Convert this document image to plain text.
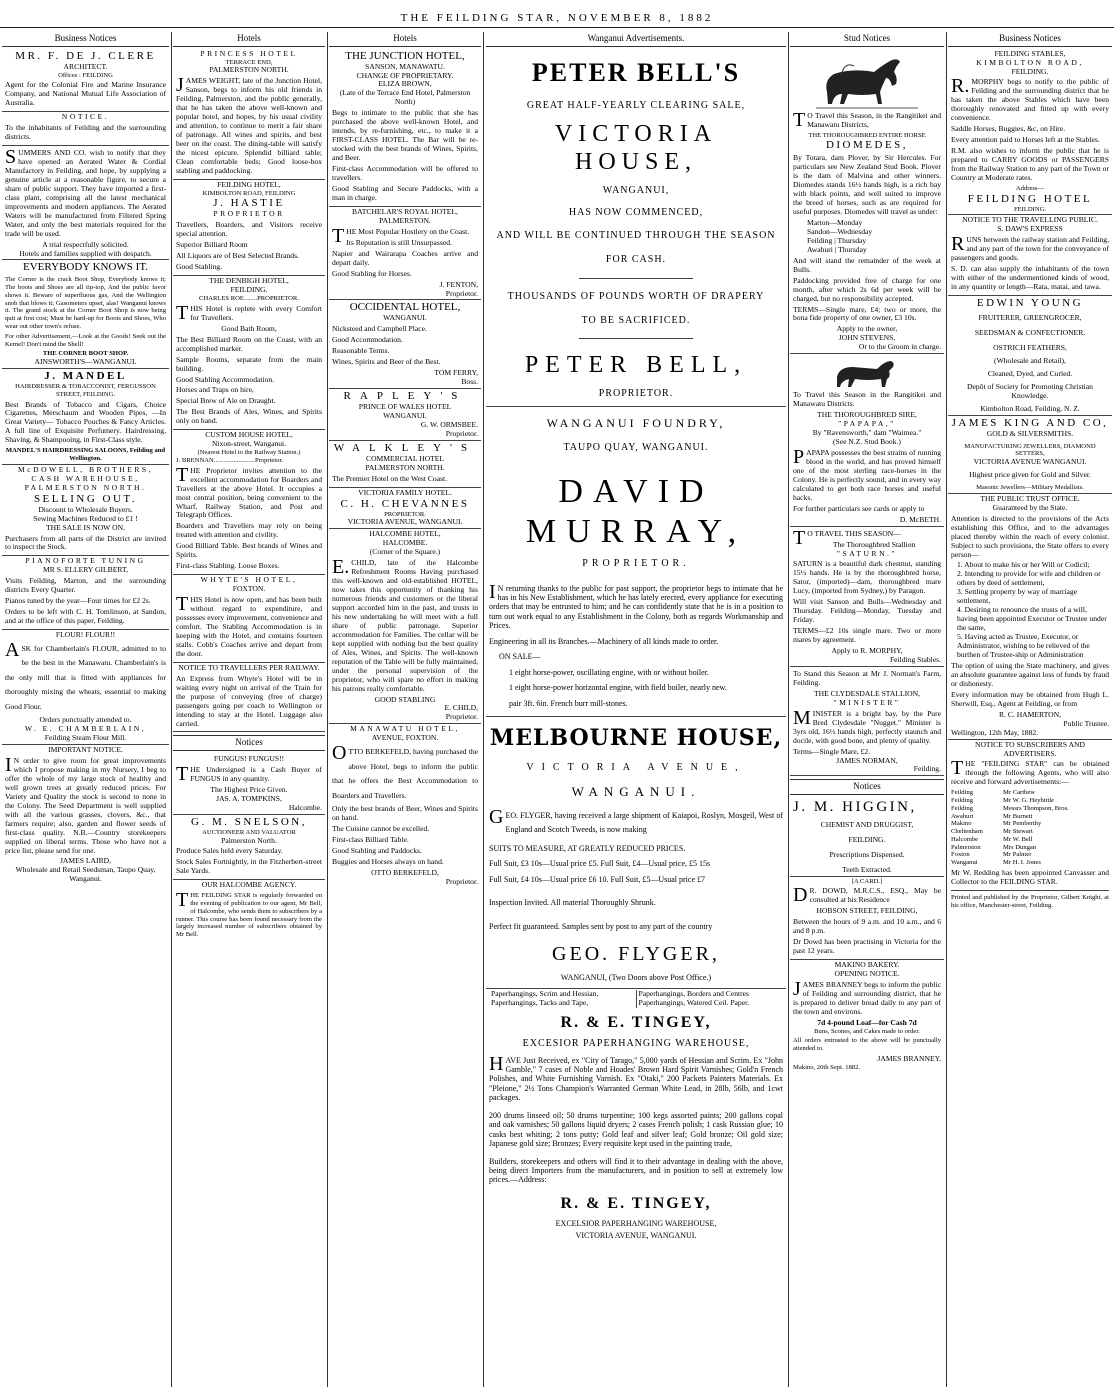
THE FEILDING STAR, NOVEMBER 8, 1882
Business Notices
MR. F. DE J. CLERE
ARCHITECT.
Offices : FEILDING

Agent for the Colonial Fire and Marine Insurance Company, and National Mutual Life Association of Australia.

NOTICE.

To the inhabitants of Feilding and the surrounding districts.

SUMMERS AND CO. wish to notify that they have opened an Aerated Water & Cordial Manufactory in Feilding, and hope, by supplying a genuine article at a reasonable figure, to secure a share of public support. They have imported a first-class plant, comprising all the latest mechanical improvements and modern appliances. The Aerated Waters will be manufactured from Filtered Spring Water, and only the best materials required for the trade will be used.

A trial respectfully solicited.
Hotels and families supplied with despatch.
EVERYBODY KNOWS IT.

The Corner is the crack Boot Shop, Everybody knows it; The boots and Shoes are all tip-top, And the public favor shows it. Beware of superfluous gas, And the Wellington snob that blows it; Gasometers upset, alas! Wanganui knows it. The grand stock at the Corner Boot Shop is now being quit at first cost; Must be hard-up for Boots and Shoes, Who wear out other town's refuse.

For other Advertisement,—Look at the Goods! Seek out the Kernel! Don't mind the Shell!

THE CORNER BOOT SHOP.
AINSWORTH'S—WANGANUI.
J. MANDEL
HAIRDRESSER & TOBACCONIST, FERGUSSON STREET, FEILDING.

Best Brands of Tobacco and Cigars, Choice Cigarettes, Merschaum and Wooden Pipes, —In Great Variety— Tobacco Pouches & Fancy Articles. A full line of Exquisite Perfumery. Hairdressing, Shaving, & Shampooing, in First-Class style.

MANDEL'S HAIRDRESSING SALOONS, Feilding and Wellington.
McDOWELL, BROTHERS,
CASH WAREHOUSE,
PALMERSTON NORTH.
SELLING OUT.
Discount to Wholesale Buyers.
Sewing Machines Reduced to £1 !
THE SALE IS NOW ON.

Purchasers from all parts of the District are invited to inspect the Stock.

PIANOFORTE TUNING
MR S. ELLERY GILBERT,

Visits Feilding, Marton, and the surrounding districts Every Quarter.

Pianos tuned by the year—Four times for £2 2s.

Orders to be left with C. H. Tomlinson, at Sandon, and at the office of this paper, Feilding.

FLOUR! FLOUR!!

ASK for Chamberlain's FLOUR, admitted to to be the best in the Manawatu. Chamberlain's is the only mill that is fitted with appliances for thoroughly mixing the wheats, essential to making Good Flour.

Orders punctually attended to.
W. E. CHAMBERLAIN,
Feilding Steam Flour Mill.
IMPORTANT NOTICE.

IN order to give room for great improvements which I propose making in my Nursery, I beg to offer the whole of my large stock of healthy and well grown trees at greatly reduced prices. For Variety and Quality the stock is second to none in the Colony. The Seed Department is well supplied with all the various grasses, clovers, &c., that farmers require; also, garden and flower seeds of first-class quality. N.B.—Country storekeepers supplied on liberal terms. Those who have not a price list, please send for one.

JAMES LAIRD,
Wholesale and Retail Seedsman, Taupo Quay, Wanganui.
Hotels
PRINCESS HOTEL
TERRACE END,
PALMERSTON NORTH.

JAMES WEIGHT, late of the Junction Hotel, Sanson, begs to inform his old friends in Feilding, Palmerston, and the public generally, that he has taken the above well-known and popular hotel, and hopes, by his usual civility and attention, to continue to merit a fair share of patronage. All wines and spirits, and best beer on the coast. The dining-table will satisfy the nicest epicure. Splendid billiard table; Clean comfortable beds; Good loose-box stabling and paddocking.

FEILDING HOTEL,
KIMBOLTON ROAD, FEILDING
J. HASTIE
PROPRIETOR

Travellers, Boarders, and Visitors receive special attention.

Superior Billiard Room

All Liquors are of Best Selected Brands.

Good Stabling.

THE DENBIGH HOTEL,
FEILDING.
CHARLES ROE........PROPRIETOR.

THIS Hotel is replete with every Comfort for Travellers.

Good Bath Room,

The Best Billiard Room on the Coast, with an accomplished marker.

Sample Rooms, separate from the main building.

Good Stabling Accommodation.

Horses and Traps on hire,

Special Brew of Ale on Draught.

The Best Brands of Ales, Wines, and Spirits only on hand.

CUSTOM HOUSE HOTEL,
Nixon-street, Wanganui.
(Nearest Hotel to the Railway Station.)
J. BRENNAN.........................Proprietor.

THE Proprietor invites attention to the excellent accommodation for Boarders and Travellers at the above Hotel. It occupies a most central position, being convenient to the Wharf, Railway Station, and Post and Telegraph Offices.

Boarders and Travellers may rely on being treated with attention and civility.

Good Billiard Table. Best brands of Wines and Spirits.

First-class Stabling. Loose Boxes.

WHYTE'S HOTEL,
FOXTON.

THIS Hotel is now open, and has been built without regard to expenditure, and possesses every improvement, convenience and comfort. The Stabling Accommodation is in keeping with the Hotel, and contains fourteen stalls. Cobb's Coaches arrive and depart from the door.

NOTICE TO TRAVELLERS PER RAILWAY.

An Express from Whyte's Hotel will be in waiting every night on arrival of the Train for the purpose of conveying (free of charge) passengers going per coach to Wellington or intending to stay at the Hotel. Luggage also carried.

Notices
FUNGUS! FUNGUS!!

THE Undersigned is a Cash Buyer of FUNGUS in any quantity.

The Highest Price Given.
JAS. A. TOMPKINS,
Halcombe.
G. M. SNELSON,
AUCTIONEER AND VALUATOR
Palmerston North.

Produce Sales held every Saturday.

Stock Sales Fortnightly, in the Fitzherbert-street Sale Yards.

OUR HALCOMBE AGENCY.

THE FEILDING STAR is regularly forwarded on the evening of publication to our agent, Mr Bell, of Halcombe, who sends them to subscribers by a runner. This course has been found necessary from the largely increased number of subscribers obtained by Mr Bell.

Hotels
THE JUNCTION HOTEL,
SANSON, MANAWATU.
CHANGE OF PROPRIETARY.
ELIZA BROWN,
(Late of the Terrace End Hotel, Palmerston North)

Begs to intimate to the public that she has purchased the above well-known Hotel, and intends, by re-furnishing, etc., to make it a FIRST-CLASS HOTEL. The Bar will be re-stocked with the best brands of Wines, Spirits, and Beer.

First-class Accommodation will be offered to travellers.

Good Stabling and Secure Paddocks, with a man in charge.

BATCHELAR'S ROYAL HOTEL,
PALMERSTON.

THE Most Popular Hostlery on the Coast.

Its Reputation is still Unsurpassed.

Napier and Wairarapa Coaches arrive and depart daily.

Good Stabling for Horses.

J. FENTON,
Proprietor.
OCCIDENTAL HOTEL,
WANGANUI.

Nicksteed and Campbell Place.

Good Accommodation.

Reasonable Terms.

Wines, Spirits and Beer of the Best.

TOM FERRY,
Boss.
RAPLEY'S
PRINCE OF WALES HOTEL
WANGANUI.
G. W. ORMSBEE.
Proprietor.
WALKLEY'S
COMMERCIAL HOTEL
PALMERSTON NORTH.

The Premier Hotel on the West Coast.

VICTORIA FAMILY HOTEL.
C. H. CHEVANNES
PROPRIETOR.
VICTORIA AVENUE, WANGANUI.
HALCOMBE HOTEL,
HALCOMBE.
(Corner of the Square.)

E.CHILD, late of the Halcombe Refreshment Rooms Having purchased this well-known and old-established HOTEL, now takes this opportunity of thanking his numerous friends and customers or the liberal support accorded him in the past, and trusts in his new undertaking he will meet with a full share of public patronage. Superior accommodation for Families. The cellar will be kept supplied with nothing but the best quality of Ales, Wines, and Spirits. The well-known reputation of the Table will be fully maintained, under the personal supervision of the proprietor, who will spare no effort in making his patrons really comfortable.

GOOD STABLING
E. CHILD,
Proprietor.
MANAWATU HOTEL,
AVENUE, FOXTON.

OTTO BERKEFELD, having purchased the above Hotel, begs to inform the public that he offers the Best Accommodation to Boarders and Travellers.

Only the best brands of Beer, Wines and Spirits on hand.

The Cuisine cannot be excelled.

First-class Billiard Table.

Good Stabling and Paddocks.

Buggies and Horses always on hand.

OTTO BERKEFELD,
Proprietor.
Wanganui Advertisements.
PETER BELL'S
GREAT HALF-YEARLY CLEARING SALE,
VICTORIA HOUSE,
WANGANUI,
HAS NOW COMMENCED,
AND WILL BE CONTINUED THROUGH THE SEASON
FOR CASH.
THOUSANDS OF POUNDS WORTH OF DRAPERY
TO BE SACRIFICED.
PETER BELL,
PROPRIETOR.
WANGANUI FOUNDRY,
TAUPO QUAY, WANGANUI.
DAVID MURRAY,
PROPRIETOR.

IN returning thanks to the public for past support, the proprietor begs to intimate that he has in his New Establishment, which he has lately erected, every appliance for executing orders that may be entrusted to him; and he can confidently state that he is in a position to turn out work equal to any Establishment in the Colony, both as regards Workmanship and Prices.

Engineering in all its Branches.—Machinery of all kinds made to order.

ON SALE—

1 eight horse-power, oscillating engine, with or without boiler.

1 eight horse-power horizontal engine, with field boiler, nearly new.

pair 3ft. 6in. French burr mill-stones.

MELBOURNE HOUSE,
VICTORIA AVENUE,
WANGANUI.

GEO. FLYGER, having received a large shipment of Kaiapoi, Roslyn, Mosgeil, West of England and Scotch Tweeds, is now making

SUITS TO MEASURE, AT GREATLY REDUCED PRICES.

Full Suit, £3 10s—Usual price £5. Full Suit, £4—Usual price, £5 15s

Full Suit, £4 10s—Usual price £6 10. Full Suit, £5—Usual price £7

Inspection Invited. All material Thoroughly Shrunk.

Perfect fit guaranteed. Samples sent by post to any part of the country

GEO. FLYGER,
WANGANUI, (Two Doors above Post Office.)
Paperhangings, Scrim and Hessian, Paperhangings, Tacks and Tape,
Paperhangings, Borders and Centres Paperhangings, Watered Ceil. Paper.
R. & E. TINGEY,
EXCESIOR PAPERHANGING WAREHOUSE,

HAVE Just Received, ex "City of Tarago," 5,000 yards of Hessian and Scrim. Ex "John Gamble," 7 cases of Noble and Hoades' Brown Hard Spirit Varnishes; Gold'n French Polishes, and White Furnishing Varnish. Ex "Otaki," 200 Packets Painters Materials. Ex "Pleione," 2½ Tons Champion's Warranted German White Lead, in 28lb, 56lb, and 1cwt packages.

200 drums linseed oil; 50 drums turpentine; 100 kegs assorted paints; 200 gallons copal and oak varnishes; 50 gallons liquid dryers; 2 cases French polish; 1 cask Russian glue; 10 casks best whiting; 2 tons putty; Gold leaf and silver leaf; Gold bronze; Oil gold size; Japanese gold size; Bronzes; Every requisite kept used in the painting trade,

Builders, storekeepers and others will find it to their advantage in dealing with the above, being direct Importers from the manufacturers, and in position to sell at extremely low prices.—Address:

R. & E. TINGEY,
EXCELSIOR PAPERHANGING WAREHOUSE,
VICTORIA AVENUE, WANGANUI.
Stud Notices

TO Travel this Season, in the Rangitikei and Manawatu Districts,

THE THOROUGHBRED ENTIRE HORSE
DIOMEDES,

By Totara, dam Plover, by Sir Hercules. For particulars see New Zealand Stud Book. Plover is the dam of Malvina and other winners. Diomedes stands 16½ hands high, is a rich bay with black points, and well suited to improve the breed of horses, such as are required for useful purposes. Diomedes will travel as under:

Marton—Monday
Sandon—Wednesday
Feilding | Thursday
Awahuri | Thursday

And will stand the remainder of the week at Bulls.

Paddocking provided free of charge for one month, after which 2s 6d per week will be charged, but no responsibility accepted.

TERMS—Single mare, £4; two or more, the bona fide property of one owner, £3 10s.

Apply to the owner,
JOHN STEVENS,
Or to the Groom in charge.

To Travel this Season in the Rangitikei and Manawatu Districts.

THE THOROUGHBRED SIRE,
"PAPAPA,"
By "Ravensworth," dam "Waimea."
(See N.Z. Stud Book.)

PAPAPA possesses the best strains of running blood in the world, and has proved himself one of the most sterling race-horses in the Colony. He is perfectly sound, and in every way calculated to get both race horses and useful hacks.

For further particulars see cards or apply to

D. McBETH.

TO TRAVEL THIS SEASON—

The Thoroughbred Stallion
"SATURN."

SATURN is a beautiful dark chestnut, standing 15½ hands. He is by the thoroughbred horse, Sator, (imported)—dam, thoroughbred mare Lucy, (imported from Sydney,) by Paragon.

Will visit Sanson and Bulls—Wednesday and Thursday. Feilding—Monday, Tuesday and Friday.

TERMS—£2 10s single mare. Two or more mares by agreement.

Apply to R. MORPHY,
Feilding Stables.

To Stand this Season at Mr J. Norman's Farm, Feilding.

THE CLYDESDALE STALLION,
"MINISTER"

MINISTER is a bright bay, by the Pure Bred Clydesdale "Nugget." Minister is 3yrs old, 16½ hands high, perfectly staunch and docile, with good bone, and plenty of quality.

Terms—Single Mare, £2.
JAMES NORMAN,
Feilding.
Notices
J. M. HIGGIN,
CHEMIST AND DRUGGIST,
FEILDING.
Prescriptions Dispensed.
Teeth Extracted.
[A CARD.]

DR. DOWD, M.R.C.S., ESQ., May be consulted at his Residence

HOBSON STREET, FEILDING,

Between the hours of 9 a.m. and 10 a.m., and 6 and 8 p.m.

Dr Dowd has been practising in Victoria for the past 12 years.

MAKINO BAKERY.
OPENING NOTICE.

JAMES BRANNEY begs to inform the public of Feilding and surrounding district, that he is prepared to deliver bread daily to any part of the town and environs.

7d 4-pound Loaf—for Cash 7d
Buns, Scones, and Cakes made to order.

All orders entrusted to the above will be punctually attended to.

JAMES BRANNEY.
Makino, 20th Sept. 1882.
Business Notices
FEILDING STABLES,
KIMBOLTON ROAD,
FEILDING.

R.MORPHY begs to notify to the public of Feilding and the surrounding district that he has taken the above Stables which have been thoroughly renovated and fitted up with every convenience.

Saddle Horses, Buggies, &c, on Hire.

Every attention paid to Horses left at the Stables.

R.M. also wishes to inform the public that he is prepared to CARRY GOODS or PASSENGERS from the Railway Station to any part of the Town or Country at Moderate rates.

Address—
FEILDING HOTEL
FEILDING.
NOTICE TO THE TRAVELLING PUBLIC.
S. DAW'S EXPRESS

RUNS between the railway station and Feilding, and any part of the town for the conveyance of passengers and goods.

S. D. can also supply the inhabitants of the town with either of the undermentioned kinds of wood, in any quantity or length—Rata, matai, and tawa.

EDWIN YOUNG
FRUITERER, GREENGROCER,
SEEDSMAN & CONFECTIONER.
OSTRICH FEATHERS,
(Wholesale and Retail),
Cleaned, Dyed, and Curled.
Depôt of Society for Promoting Christian Knowledge.
Kimbolton Road, Feilding, N. Z.
JAMES KING AND CO,
GOLD & SILVERSMITHS.
MANUFACTURING JEWELLERS, DIAMOND SETTERS,
VICTORIA AVENUE WANGANUI.
Highest price given for Gold and Silver.
Masonic Jewellers—Military Medallists.
THE PUBLIC TRUST OFFICE.
Guaranteed by the State.

Attention is directed to the provisions of the Acts establishing this Office, and to the advantages placed thereby within the reach of every colonist. Subject to such provisions, the State offers to every person—

1. About to make his or her Will or Codicil;
2. Intending to provide for wife and children or others by deed of settlement,
3. Settling property by way of marriage settlement,
4. Desiring to renounce the trusts of a will, having been appointed Executor or Trustee under the same,
5. Having acted as Trustee, Executor, or Administrator, wishing to be relieved of the burthen of Trustee-ship or Administration

The option of using the State machinery, and gives an absolute guarantee against loss of funds by fraud or dishonesty.

Every information may be obtained from Hugh L. Sherwill, Esq., Agent at Feilding, or from

R. C. HAMERTON,
Public Trustee.
Wellington, 12th May, 1882.
NOTICE TO SUBSCRIBERS AND ADVERTISERS.

THE "FEILDING STAR" can be obtained through the following Agents, who will also receive and forward advertisements:—

Feilding	Mr Carthew
Feilding	Mr W. G. Heybittle
Feilding	Messrs Thompson, Bros.
Awahuri	Mr Burnett
Makino	Mr Pemberthy
Cheltenham	Mr Stewart
Halcombe	Mr W. Bell
Palmerston	Mrs Dungan
Foxton	Mr Palmer
Wanganui	Mr H. I. Jones

Mr W. Redding has been appointed Canvasser and Collector to the FEILDING STAR.

Printed and published by the Proprietor, Gilbert Knight, at his office, Manchester-street, Feilding.
